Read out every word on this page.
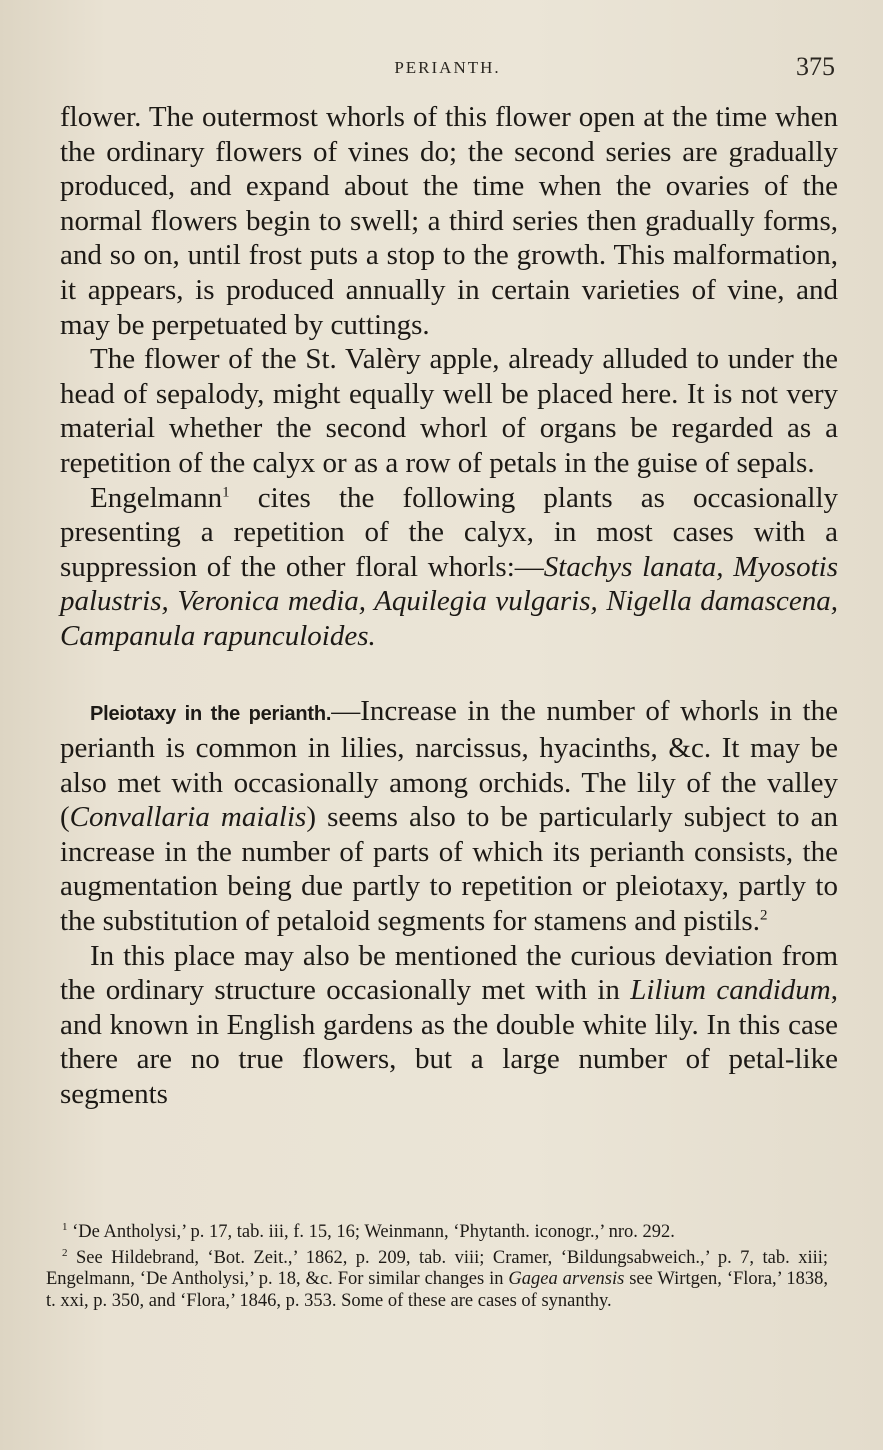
PERIANTH.	375

flower. The outermost whorls of this flower open at the time when the ordinary flowers of vines do; the second series are gradually produced, and expand about the time when the ovaries of the normal flowers begin to swell; a third series then gradually forms, and so on, until frost puts a stop to the growth. This malformation, it appears, is produced annually in certain varieties of vine, and may be perpetuated by cuttings.

The flower of the St. Valèry apple, already alluded to under the head of sepalody, might equally well be placed here. It is not very material whether the second whorl of organs be regarded as a repetition of the calyx or as a row of petals in the guise of sepals.

Engelmann$^1$ cites the following plants as occasionally presenting a repetition of the calyx, in most cases with a suppression of the other floral whorls:—Stachys lanata, Myosotis palustris, Veronica media, Aquilegia vulgaris, Nigella damascena, Campanula rapunculoides.

Pleiotaxy in the perianth.—Increase in the number of whorls in the perianth is common in lilies, narcissus, hyacinths, &c. It may be also met with occasionally among orchids. The lily of the valley (Convallaria maialis) seems also to be particularly subject to an increase in the number of parts of which its perianth consists, the augmentation being due partly to repetition or pleiotaxy, partly to the substitution of petaloid segments for stamens and pistils.$^2$

In this place may also be mentioned the curious deviation from the ordinary structure occasionally met with in Lilium candidum, and known in English gardens as the double white lily. In this case there are no true flowers, but a large number of petal-like segments

$^1$ ‘De Antholysi,’ p. 17, tab. iii, f. 15, 16; Weinmann, ‘Phytanth. iconogr.,’ nro. 292.

$^2$ See Hildebrand, ‘Bot. Zeit.,’ 1862, p. 209, tab. viii; Cramer, ‘Bildungsabweich.,’ p. 7, tab. xiii; Engelmann, ‘De Antholysi,’ p. 18, &c. For similar changes in Gagea arvensis see Wirtgen, ‘Flora,’ 1838, t. xxi, p. 350, and ‘Flora,’ 1846, p. 353. Some of these are cases of synanthy.
